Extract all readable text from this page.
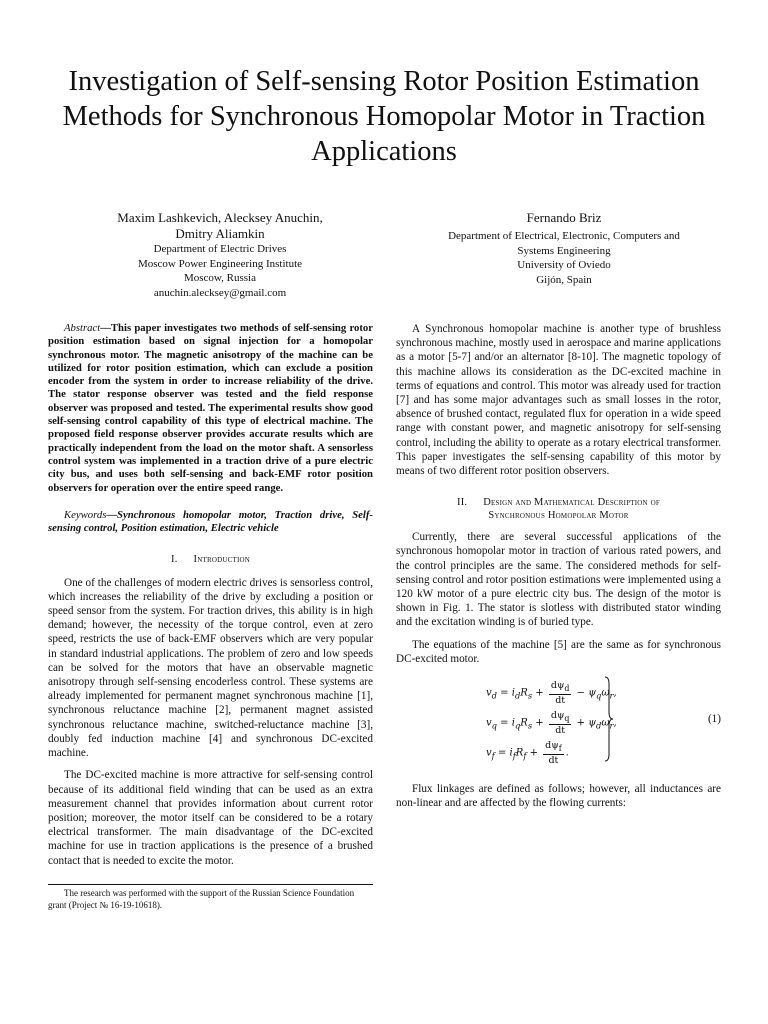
Investigation of Self-sensing Rotor Position Estimation Methods for Synchronous Homopolar Motor in Traction Applications
Maxim Lashkevich, Alecksey Anuchin,
Dmitry Aliamkin
Department of Electric Drives
Moscow Power Engineering Institute
Moscow, Russia
anuchin.alecksey@gmail.com
Fernando Briz
Department of Electrical, Electronic, Computers and
Systems Engineering
University of Oviedo
Gijón, Spain

Abstract—This paper investigates two methods of self-sensing rotor position estimation based on signal injection for a homopolar synchronous motor. The magnetic anisotropy of the machine can be utilized for rotor position estimation, which can exclude a position encoder from the system in order to increase reliability of the drive. The stator response observer was tested and the field response observer was proposed and tested. The experimental results show good self-sensing control capability of this type of electrical machine. The proposed field response observer provides accurate results which are practically independent from the load on the motor shaft. A sensorless control system was implemented in a traction drive of a pure electric city bus, and uses both self-sensing and back-EMF rotor position observers for operation over the entire speed range.

Keywords—Synchronous homopolar motor, Traction drive, Self-sensing control, Position estimation, Electric vehicle

I. Introduction

One of the challenges of modern electric drives is sensorless control, which increases the reliability of the drive by excluding a position or speed sensor from the system. For traction drives, this ability is in high demand; however, the necessity of the torque control, even at zero speed, restricts the use of back-EMF observers which are very popular in standard industrial applications. The problem of zero and low speeds can be solved for the motors that have an observable magnetic anisotropy through self-sensing encoderless control. These systems are already implemented for permanent magnet synchronous machine [1], synchronous reluctance machine [2], permanent magnet assisted synchronous reluctance machine, switched-reluctance machine [3], doubly fed induction machine [4] and synchronous DC-excited machine.

The DC-excited machine is more attractive for self-sensing control because of its additional field winding that can be used as an extra measurement channel that provides information about current rotor position; moreover, the motor itself can be considered to be a rotary electrical transformer. The main disadvantage of the DC-excited machine for use in traction applications is the presence of a brushed contact that is needed to excite the motor.

The research was performed with the support of the Russian Science Foundation grant (Project № 16-19-10618).

A Synchronous homopolar machine is another type of brushless synchronous machine, mostly used in aerospace and marine applications as a motor [5-7] and/or an alternator [8-10]. The magnetic topology of this machine allows its consideration as the DC-excited machine in terms of equations and control. This motor was already used for traction [7] and has some major advantages such as small losses in the rotor, absence of brushed contact, regulated flux for operation in a wide speed range with constant power, and magnetic anisotropy for self-sensing control, including the ability to operate as a rotary electrical transformer. This paper investigates the self-sensing capability of this motor by means of two different rotor position observers.

II. Design and Mathematical Description of
Synchronous Homopolar Motor

Currently, there are several successful applications of the synchronous homopolar motor in traction of various rated powers, and the control principles are the same. The considered methods for self-sensing control and rotor position estimations were implemented using a 120 kW motor of a pure electric city bus. The design of the motor is shown in Fig. 1. The stator is slotless with distributed stator winding and the excitation winding is of buried type.

The equations of the machine [5] are the same as for synchronous DC-excited motor.

$v_d = i_dR_s + \frac{d\psi_d}{dt} - \psi_q\omega_r$,
$v_q = i_qR_s + \frac{d\psi_q}{dt} + \psi_d\omega_r$,
$v_f = i_fR_f + \frac{d\psi_f}{dt}$ .
(1)

Flux linkages are defined as follows; however, all inductances are non-linear and are affected by the flowing currents:
